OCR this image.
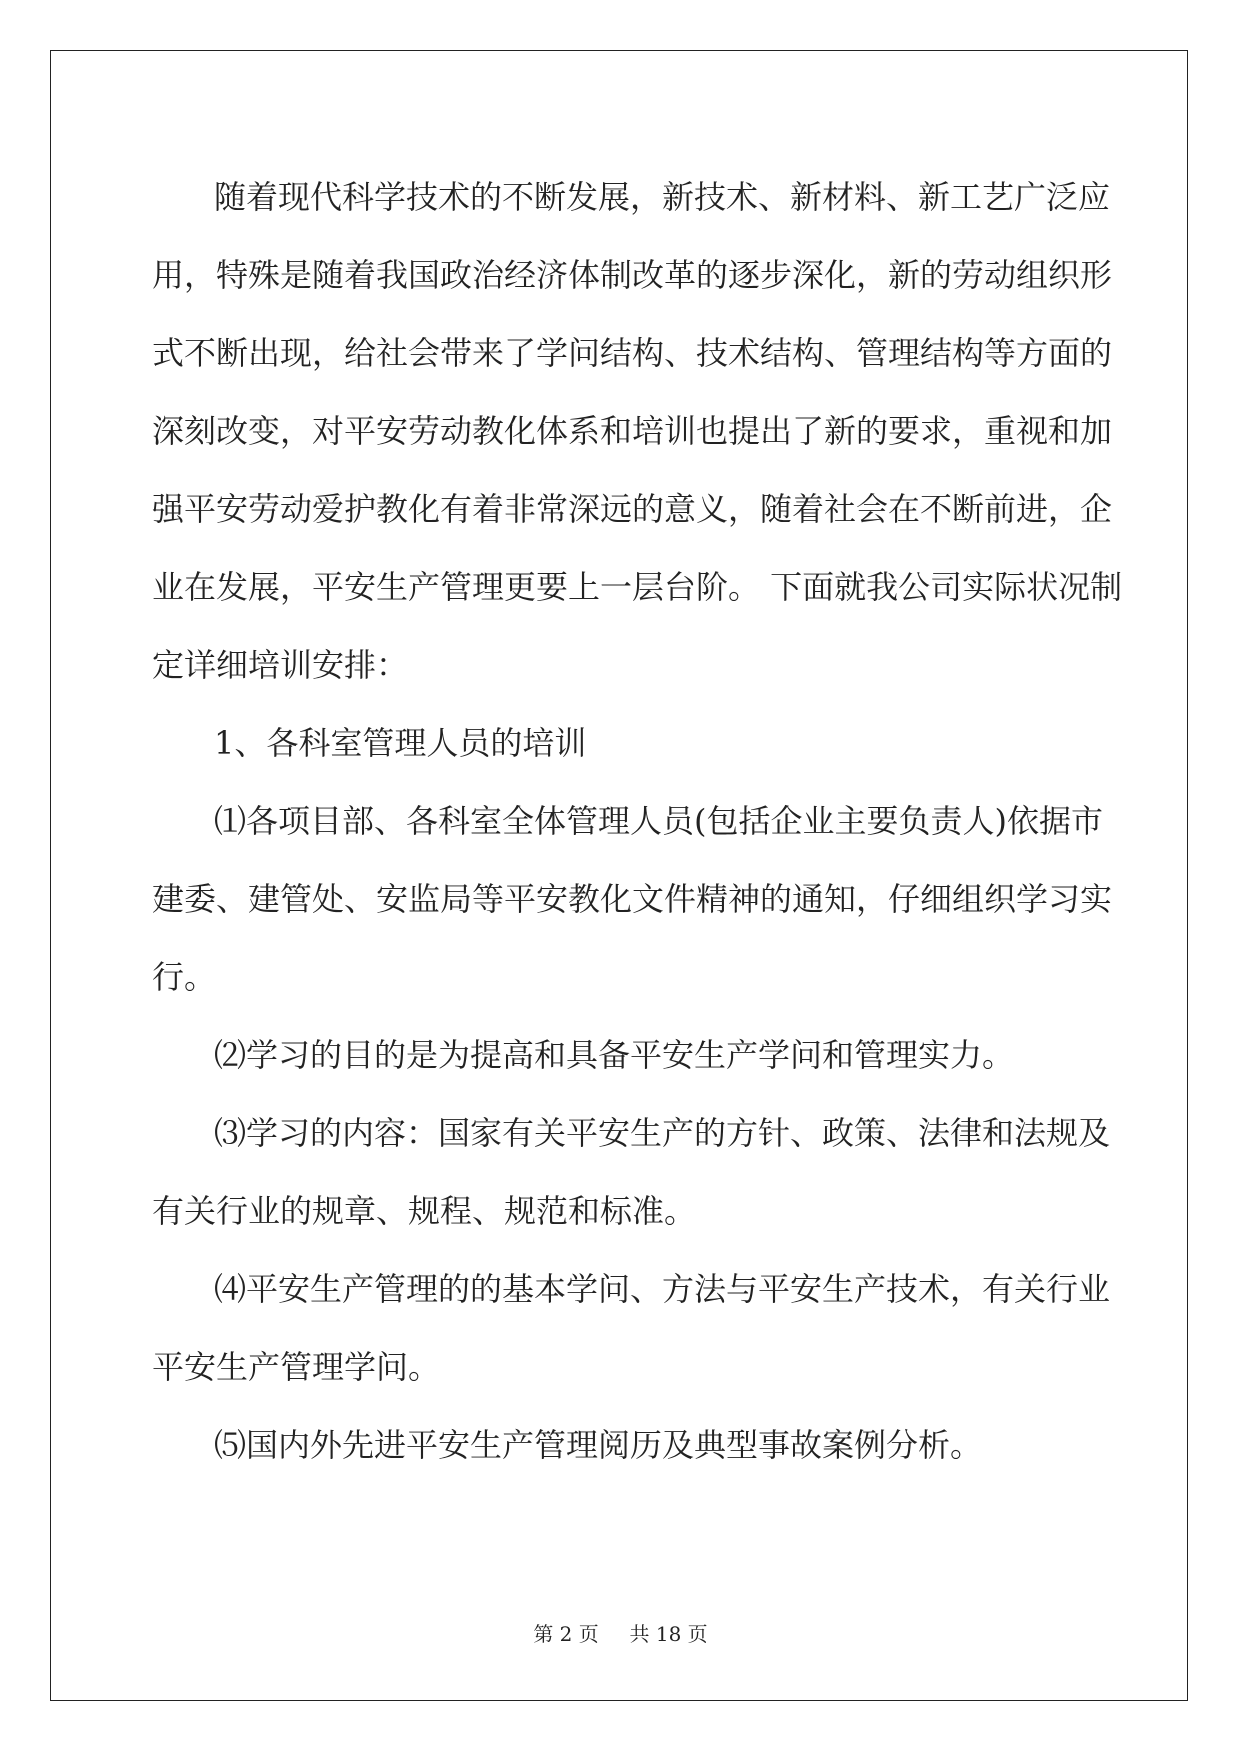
随着现代科学技术的不断发展，新技术、新材料、新工艺广泛应
用，特殊是随着我国政治经济体制改革的逐步深化，新的劳动组织形
式不断出现，给社会带来了学问结构、技术结构、管理结构等方面的
深刻改变，对平安劳动教化体系和培训也提出了新的要求，重视和加
强平安劳动爱护教化有着非常深远的意义，随着社会在不断前进，企
业在发展，平安生产管理更要上一层台阶。 下面就我公司实际状况制
定详细培训安排：
1、各科室管理人员的培训
⑴各项目部、各科室全体管理人员(包括企业主要负责人)依据市
建委、建管处、安监局等平安教化文件精神的通知，仔细组织学习实
行。
⑵学习的目的是为提高和具备平安生产学问和管理实力。
⑶学习的内容：国家有关平安生产的方针、政策、法律和法规及
有关行业的规章、规程、规范和标准。
⑷平安生产管理的的基本学问、方法与平安生产技术，有关行业
平安生产管理学问。
⑸国内外先进平安生产管理阅历及典型事故案例分析。
第 2 页 共 18 页
